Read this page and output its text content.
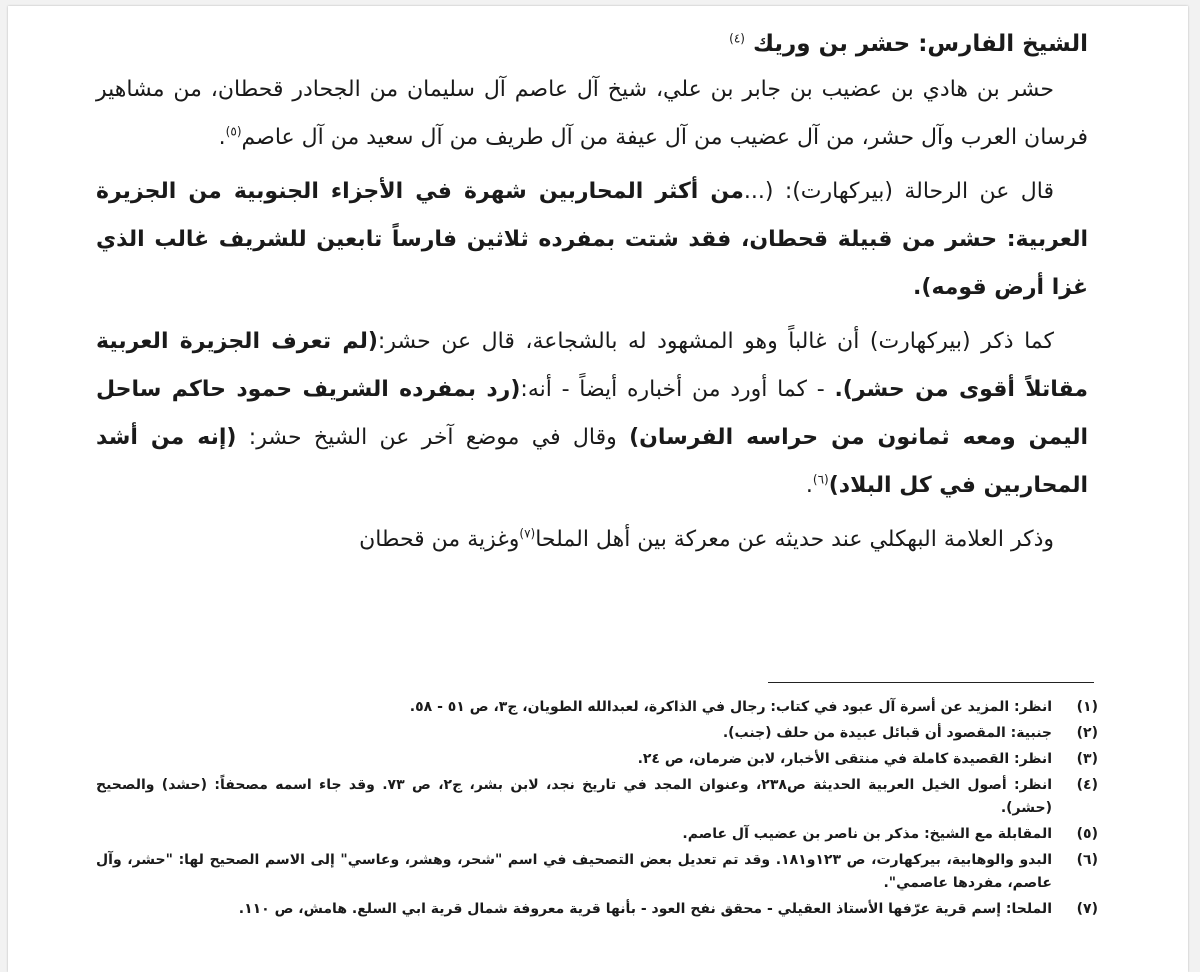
الشيخ الفارس: حشر بن وريك $^{(٤)}$

حشر بن هادي بن عضيب بن جابر بن علي، شيخ آل عاصم آل سليمان من الجحادر قحطان، من مشاهير فرسان العرب وآل حشر، من آل عضيب من آل عيفة من آل طريف من آل سعيد من آل عاصم$^{(٥)}$.

قال عن الرحالة (بيركهارت): (...من أكثر المحاربين شهرة في الأجزاء الجنوبية من الجزيرة العربية: حشر من قبيلة قحطان، فقد شتت بمفرده ثلاثين فارساً تابعين للشريف غالب الذي غزا أرض قومه).

كما ذكر (بيركهارت) أن غالباً وهو المشهود له بالشجاعة، قال عن حشر:(لم تعرف الجزيرة العربية مقاتلاً أقوى من حشر). - كما أورد من أخباره أيضاً - أنه:(رد بمفرده الشريف حمود حاكم ساحل اليمن ومعه ثمانون من حراسه الفرسان) وقال في موضع آخر عن الشيخ حشر: (إنه من أشد المحاربين في كل البلاد)$^{(٦)}$.

وذكر العلامة البهكلي عند حديثه عن معركة بين أهل الملحا$^{(٧)}$وغزية من قحطان

(١)
انظر: المزيد عن أسرة آل عبود في كتاب: رجال في الذاكرة، لعبدالله الطويان، ج٣، ص ٥١ - ٥٨.
(٢)
جنبية: المقصود أن قبائل عبيدة من حلف (جنب).
(٣)
انظر: القصيدة كاملة في منتقى الأخبار، لابن ضرمان، ص ٢٤.
(٤)
انظر: أصول الخيل العربية الحديثة ص٢٣٨، وعنوان المجد في تاريخ نجد، لابن بشر، ج٢، ص ٧٣. وقد جاء اسمه مصحفاً: (حشد) والصحيح (حشر).
(٥)
المقابلة مع الشيخ: مذكر بن ناصر بن عضيب آل عاصم.
(٦)
البدو والوهابية، بيركهارت، ص ١٢٣و١٨١. وقد تم تعديل بعض التصحيف في اسم "شحر، وهشر، وعاسي" إلى الاسم الصحيح لها: "حشر، وآل عاصم، مفردها عاصمي".
(٧)
الملحا: إسم قرية عرّفها الأستاذ العقيلي - محقق نفح العود - بأنها قرية معروفة شمال قرية ابي السلع. هامش، ص ١١٠.
